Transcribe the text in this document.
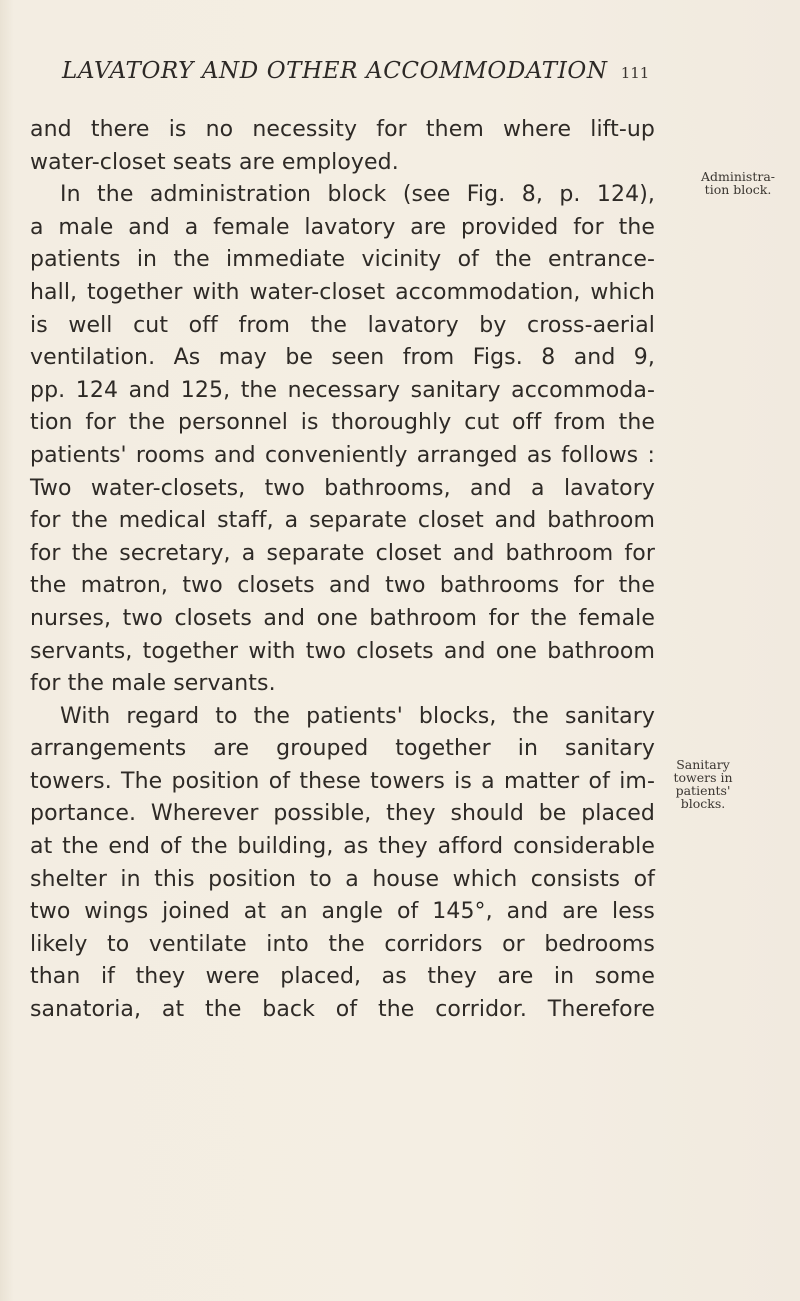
LAVATORY AND OTHER ACCOMMODATION 111
and there is no necessity for them where lift-up
water-closet seats are employed.
In the administration block (see Fig. 8, p. 124),
a male and a female lavatory are provided for the
patients in the immediate vicinity of the entrance-
hall, together with water-closet accommodation, which
is well cut off from the lavatory by cross-aerial
ventilation. As may be seen from Figs. 8 and 9,
pp. 124 and 125, the necessary sanitary accommoda-
tion for the personnel is thoroughly cut off from the
patients' rooms and conveniently arranged as follows :
Two water-closets, two bathrooms, and a lavatory
for the medical staff, a separate closet and bathroom
for the secretary, a separate closet and bathroom for
the matron, two closets and two bathrooms for the
nurses, two closets and one bathroom for the female
servants, together with two closets and one bathroom
for the male servants.
With regard to the patients' blocks, the sanitary
arrangements are grouped together in sanitary
towers. The position of these towers is a matter of im-
portance. Wherever possible, they should be placed
at the end of the building, as they afford considerable
shelter in this position to a house which consists of
two wings joined at an angle of 145°, and are less
likely to ventilate into the corridors or bedrooms
than if they were placed, as they are in some
sanatoria, at the back of the corridor. Therefore
Administra-
tion block.
Sanitary
towers in
patients'
blocks.
